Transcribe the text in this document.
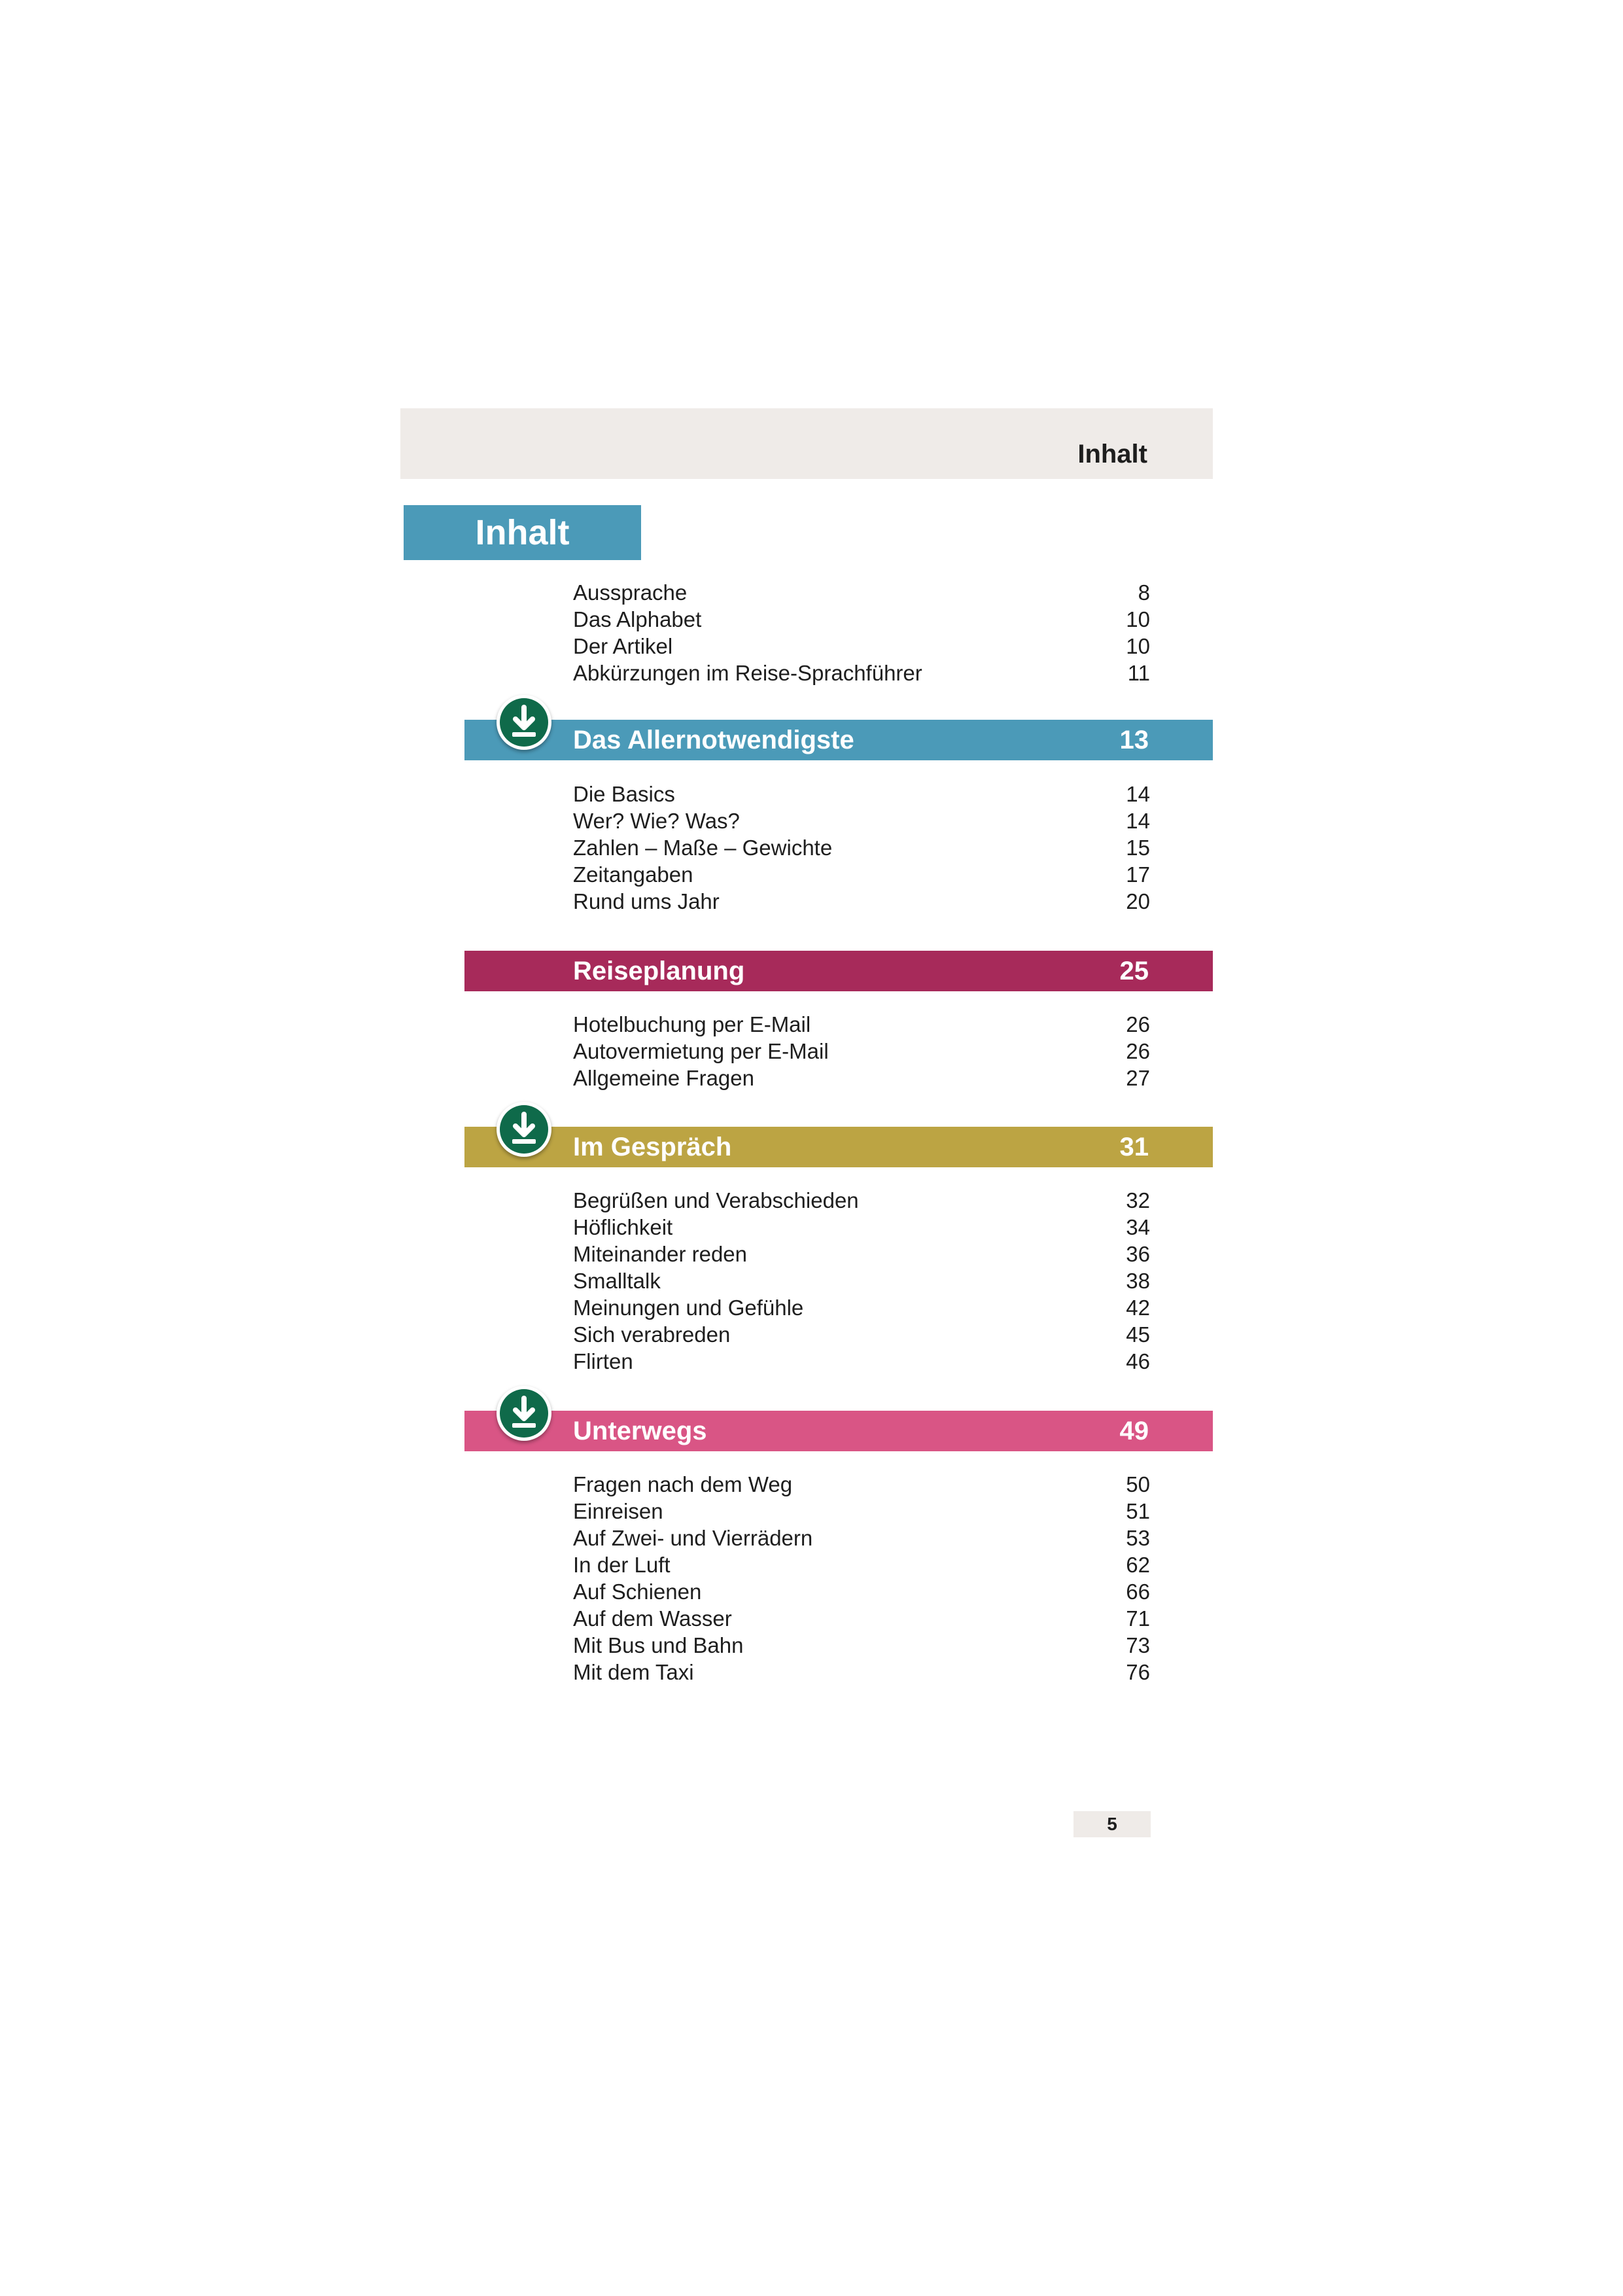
Inhalt
Inhalt
Aussprache	8
Das Alphabet	10
Der Artikel	10
Abkürzungen im Reise-Sprachführer	11
Das Allernotwendigste	13
Die Basics	14
Wer? Wie? Was?	14
Zahlen – Maße – Gewichte	15
Zeitangaben	17
Rund ums Jahr	20
Reiseplanung	25
Hotelbuchung per E-Mail	26
Autovermietung per E-Mail	26
Allgemeine Fragen	27
Im Gespräch	31
Begrüßen und Verabschieden	32
Höflichkeit	34
Miteinander reden	36
Smalltalk	38
Meinungen und Gefühle	42
Sich verabreden	45
Flirten	46
Unterwegs	49
Fragen nach dem Weg	50
Einreisen	51
Auf Zwei- und Vierrädern	53
In der Luft	62
Auf Schienen	66
Auf dem Wasser	71
Mit Bus und Bahn	73
Mit dem Taxi	76
5
